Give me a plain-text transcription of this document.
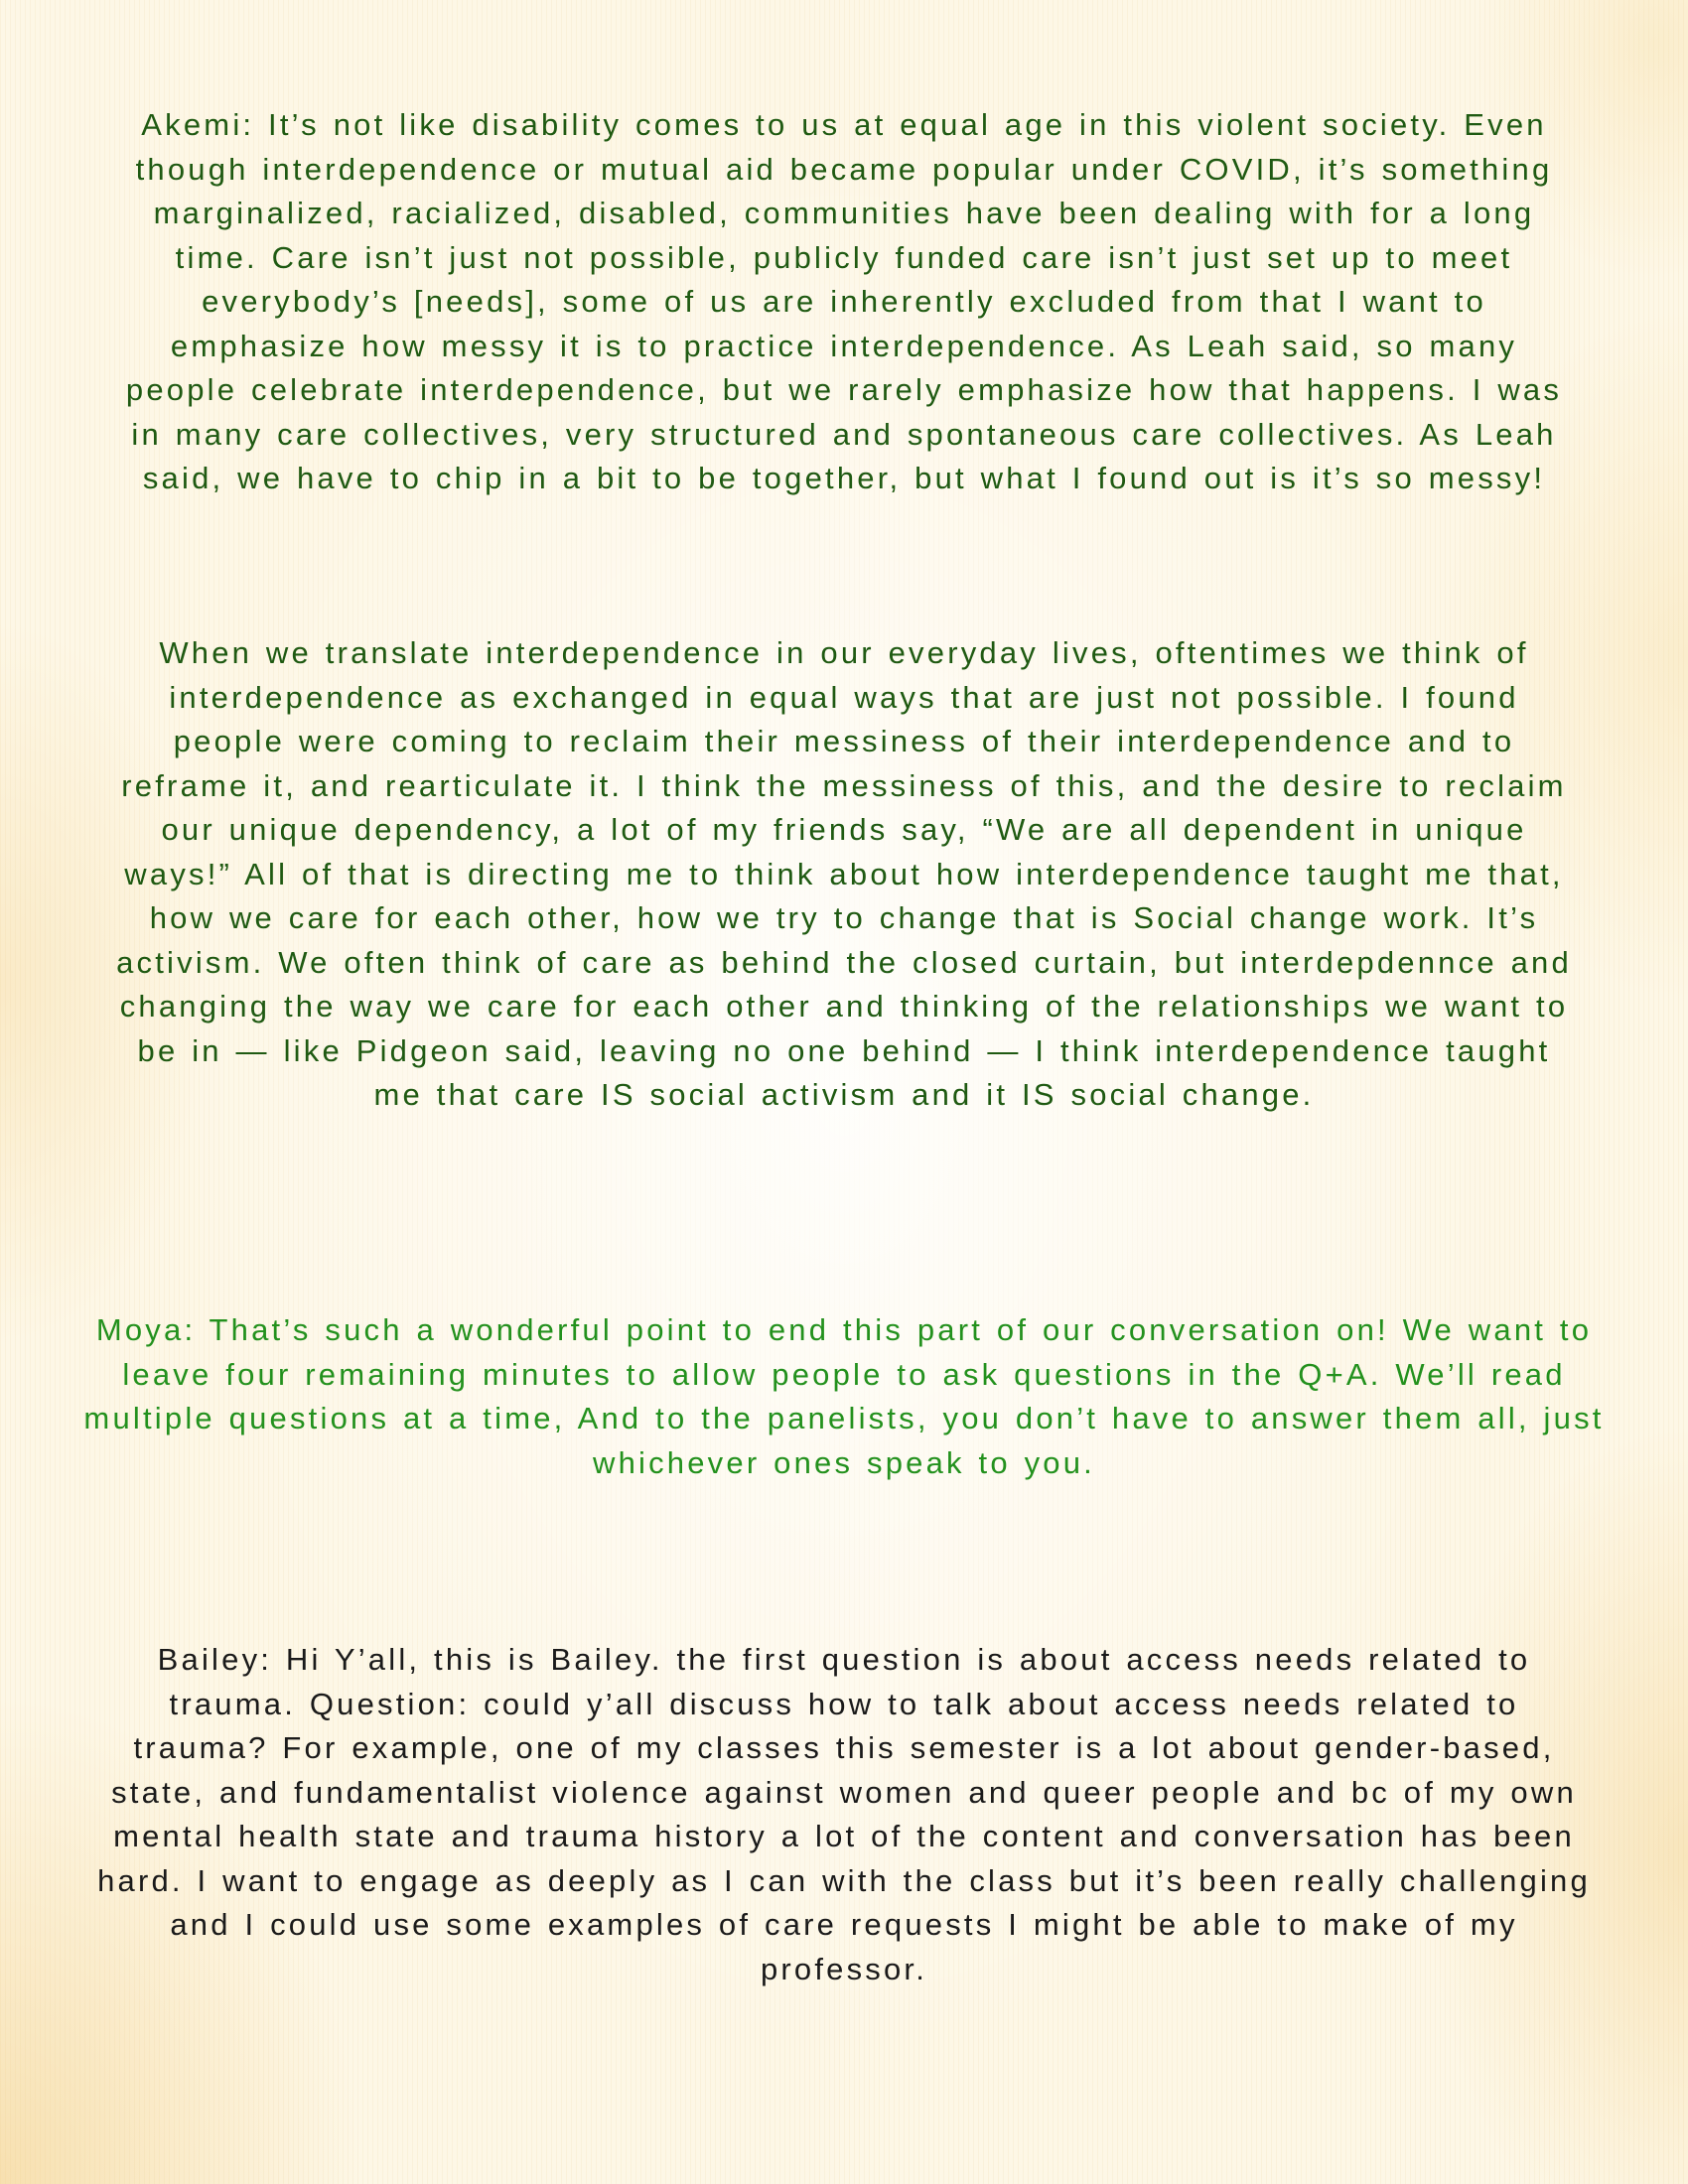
Akemi: It’s not like disability comes to us at equal age in this violent society. Even though interdependence or mutual aid became popular under COVID, it’s something marginalized, racialized, disabled, communities have been dealing with for a long time. Care isn’t just not possible, publicly funded care isn’t just set up to meet everybody’s [needs], some of us are inherently excluded from that I want to emphasize how messy it is to practice interdependence. As Leah said, so many people celebrate interdependence, but we rarely emphasize how that happens. I was in many care collectives, very structured and spontaneous care collectives. As Leah said, we have to chip in a bit to be together, but what I found out is it’s so messy!

When we translate interdependence in our everyday lives, oftentimes we think of interdependence as exchanged in equal ways that are just not possible. I found people were coming to reclaim their messiness of their interdependence and to reframe it, and rearticulate it. I think the messiness of this, and the desire to reclaim our unique dependency, a lot of my friends say, “We are all dependent in unique ways!” All of that is directing me to think about how interdependence taught me that, how we care for each other, how we try to change that is Social change work. It’s activism. We often think of care as behind the closed curtain, but interdepdennce and changing the way we care for each other and thinking of the relationships we want to be in — like Pidgeon said, leaving no one behind — I think interdependence taught me that care IS social activism and it IS social change.

Moya: That’s such a wonderful point to end this part of our conversation on! We want to leave four remaining minutes to allow people to ask questions in the Q+A. We’ll read multiple questions at a time, And to the panelists, you don’t have to answer them all, just whichever ones speak to you.

Bailey: Hi Y’all, this is Bailey. the first question is about access needs related to trauma. Question: could y’all discuss how to talk about access needs related to trauma? For example, one of my classes this semester is a lot about gender-based, state, and fundamentalist violence against women and queer people and bc of my own mental health state and trauma history a lot of the content and conversation has been hard. I want to engage as deeply as I can with the class but it’s been really challenging and I could use some examples of care requests I might be able to make of my professor.
